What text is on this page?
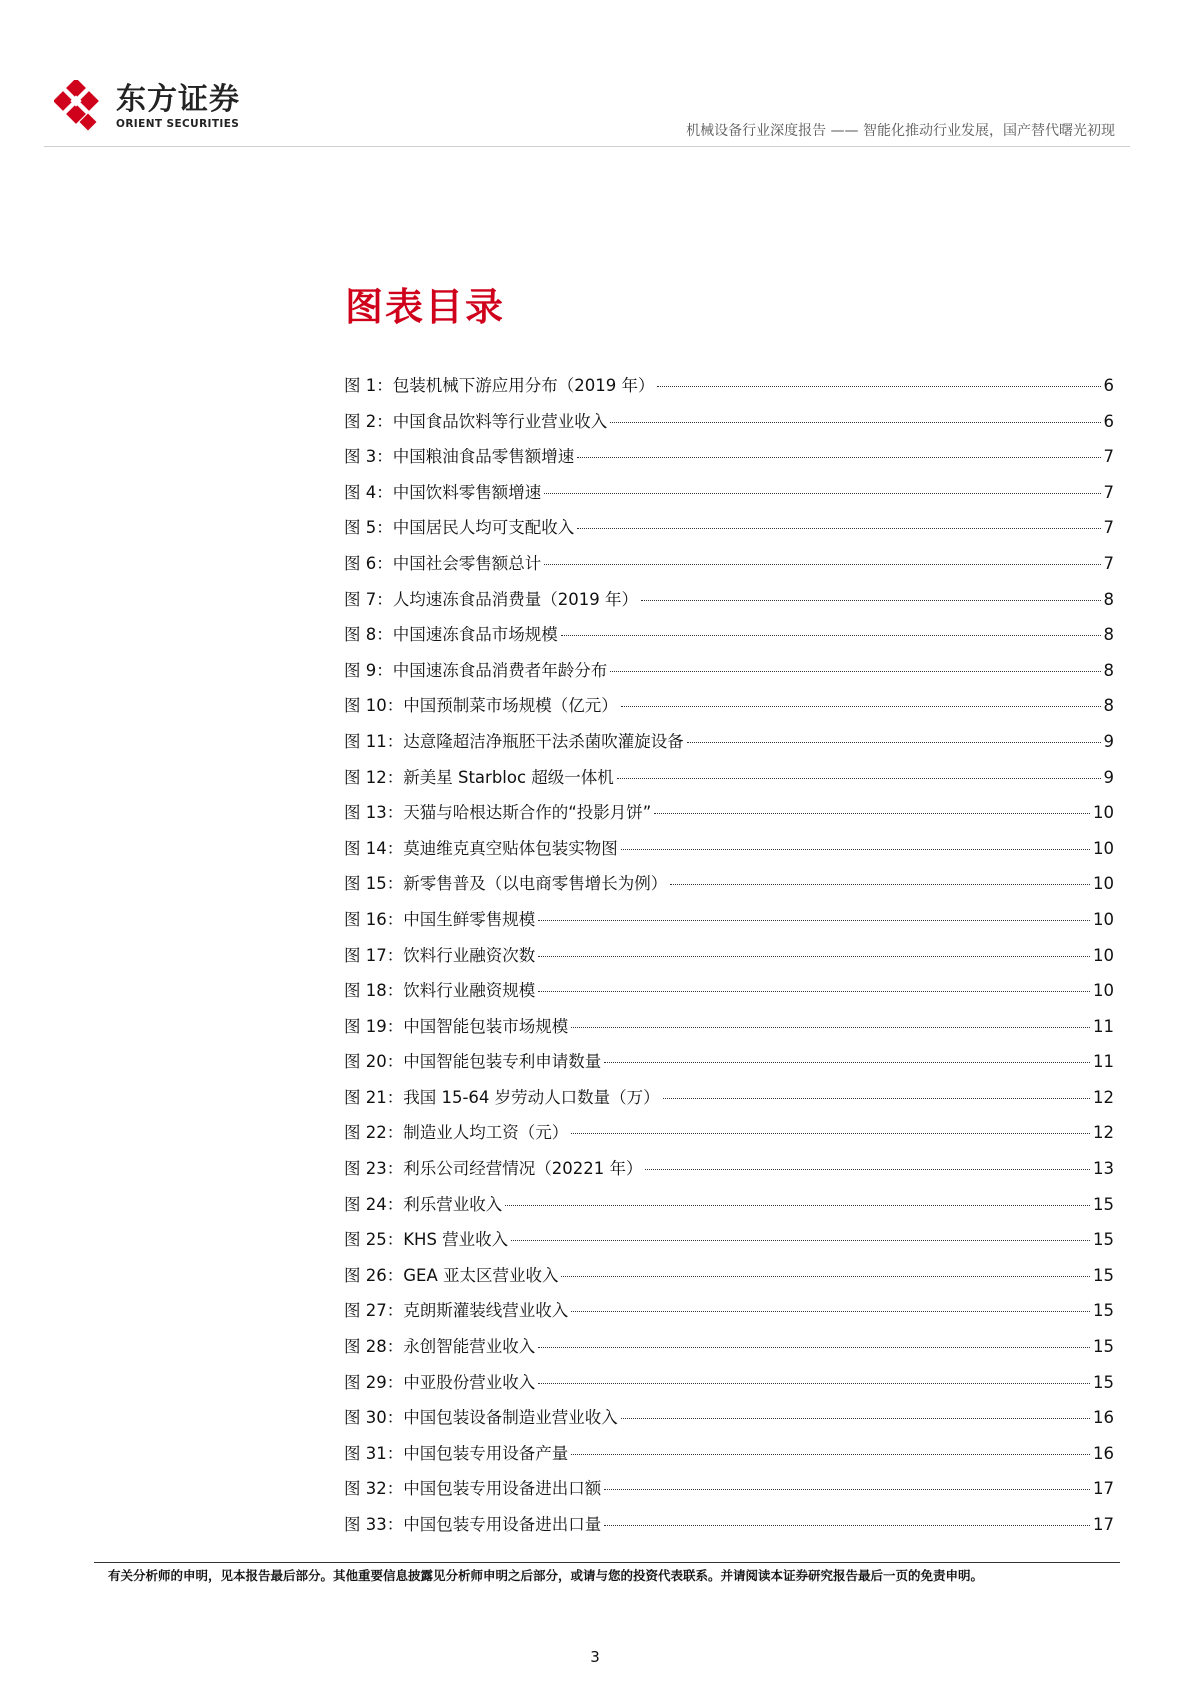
东方证券
ORIENT SECURITIES	机械设备行业深度报告 —— 智能化推动行业发展，国产替代曙光初现
图表目录
图 1：包装机械下游应用分布（2019 年）	6
图 2：中国食品饮料等行业营业收入	6
图 3：中国粮油食品零售额增速	7
图 4：中国饮料零售额增速	7
图 5：中国居民人均可支配收入	7
图 6：中国社会零售额总计	7
图 7：人均速冻食品消费量（2019 年）	8
图 8：中国速冻食品市场规模	8
图 9：中国速冻食品消费者年龄分布	8
图 10：中国预制菜市场规模（亿元）	8
图 11：达意隆超洁净瓶胚干法杀菌吹灌旋设备	9
图 12：新美星 Starbloc 超级一体机	9
图 13：天猫与哈根达斯合作的“投影月饼”	10
图 14：莫迪维克真空贴体包装实物图	10
图 15：新零售普及（以电商零售增长为例）	10
图 16：中国生鲜零售规模	10
图 17：饮料行业融资次数	10
图 18：饮料行业融资规模	10
图 19：中国智能包装市场规模	11
图 20：中国智能包装专利申请数量	11
图 21：我国 15-64 岁劳动人口数量（万）	12
图 22：制造业人均工资（元）	12
图 23：利乐公司经营情况（20221 年）	13
图 24：利乐营业收入	15
图 25：KHS 营业收入	15
图 26：GEA 亚太区营业收入	15
图 27：克朗斯灌装线营业收入	15
图 28：永创智能营业收入	15
图 29：中亚股份营业收入	15
图 30：中国包装设备制造业营业收入	16
图 31：中国包装专用设备产量	16
图 32：中国包装专用设备进出口额	17
图 33：中国包装专用设备进出口量	17
有关分析师的申明，见本报告最后部分。其他重要信息披露见分析师申明之后部分，或请与您的投资代表联系。并请阅读本证券研究报告最后一页的免责申明。
3
